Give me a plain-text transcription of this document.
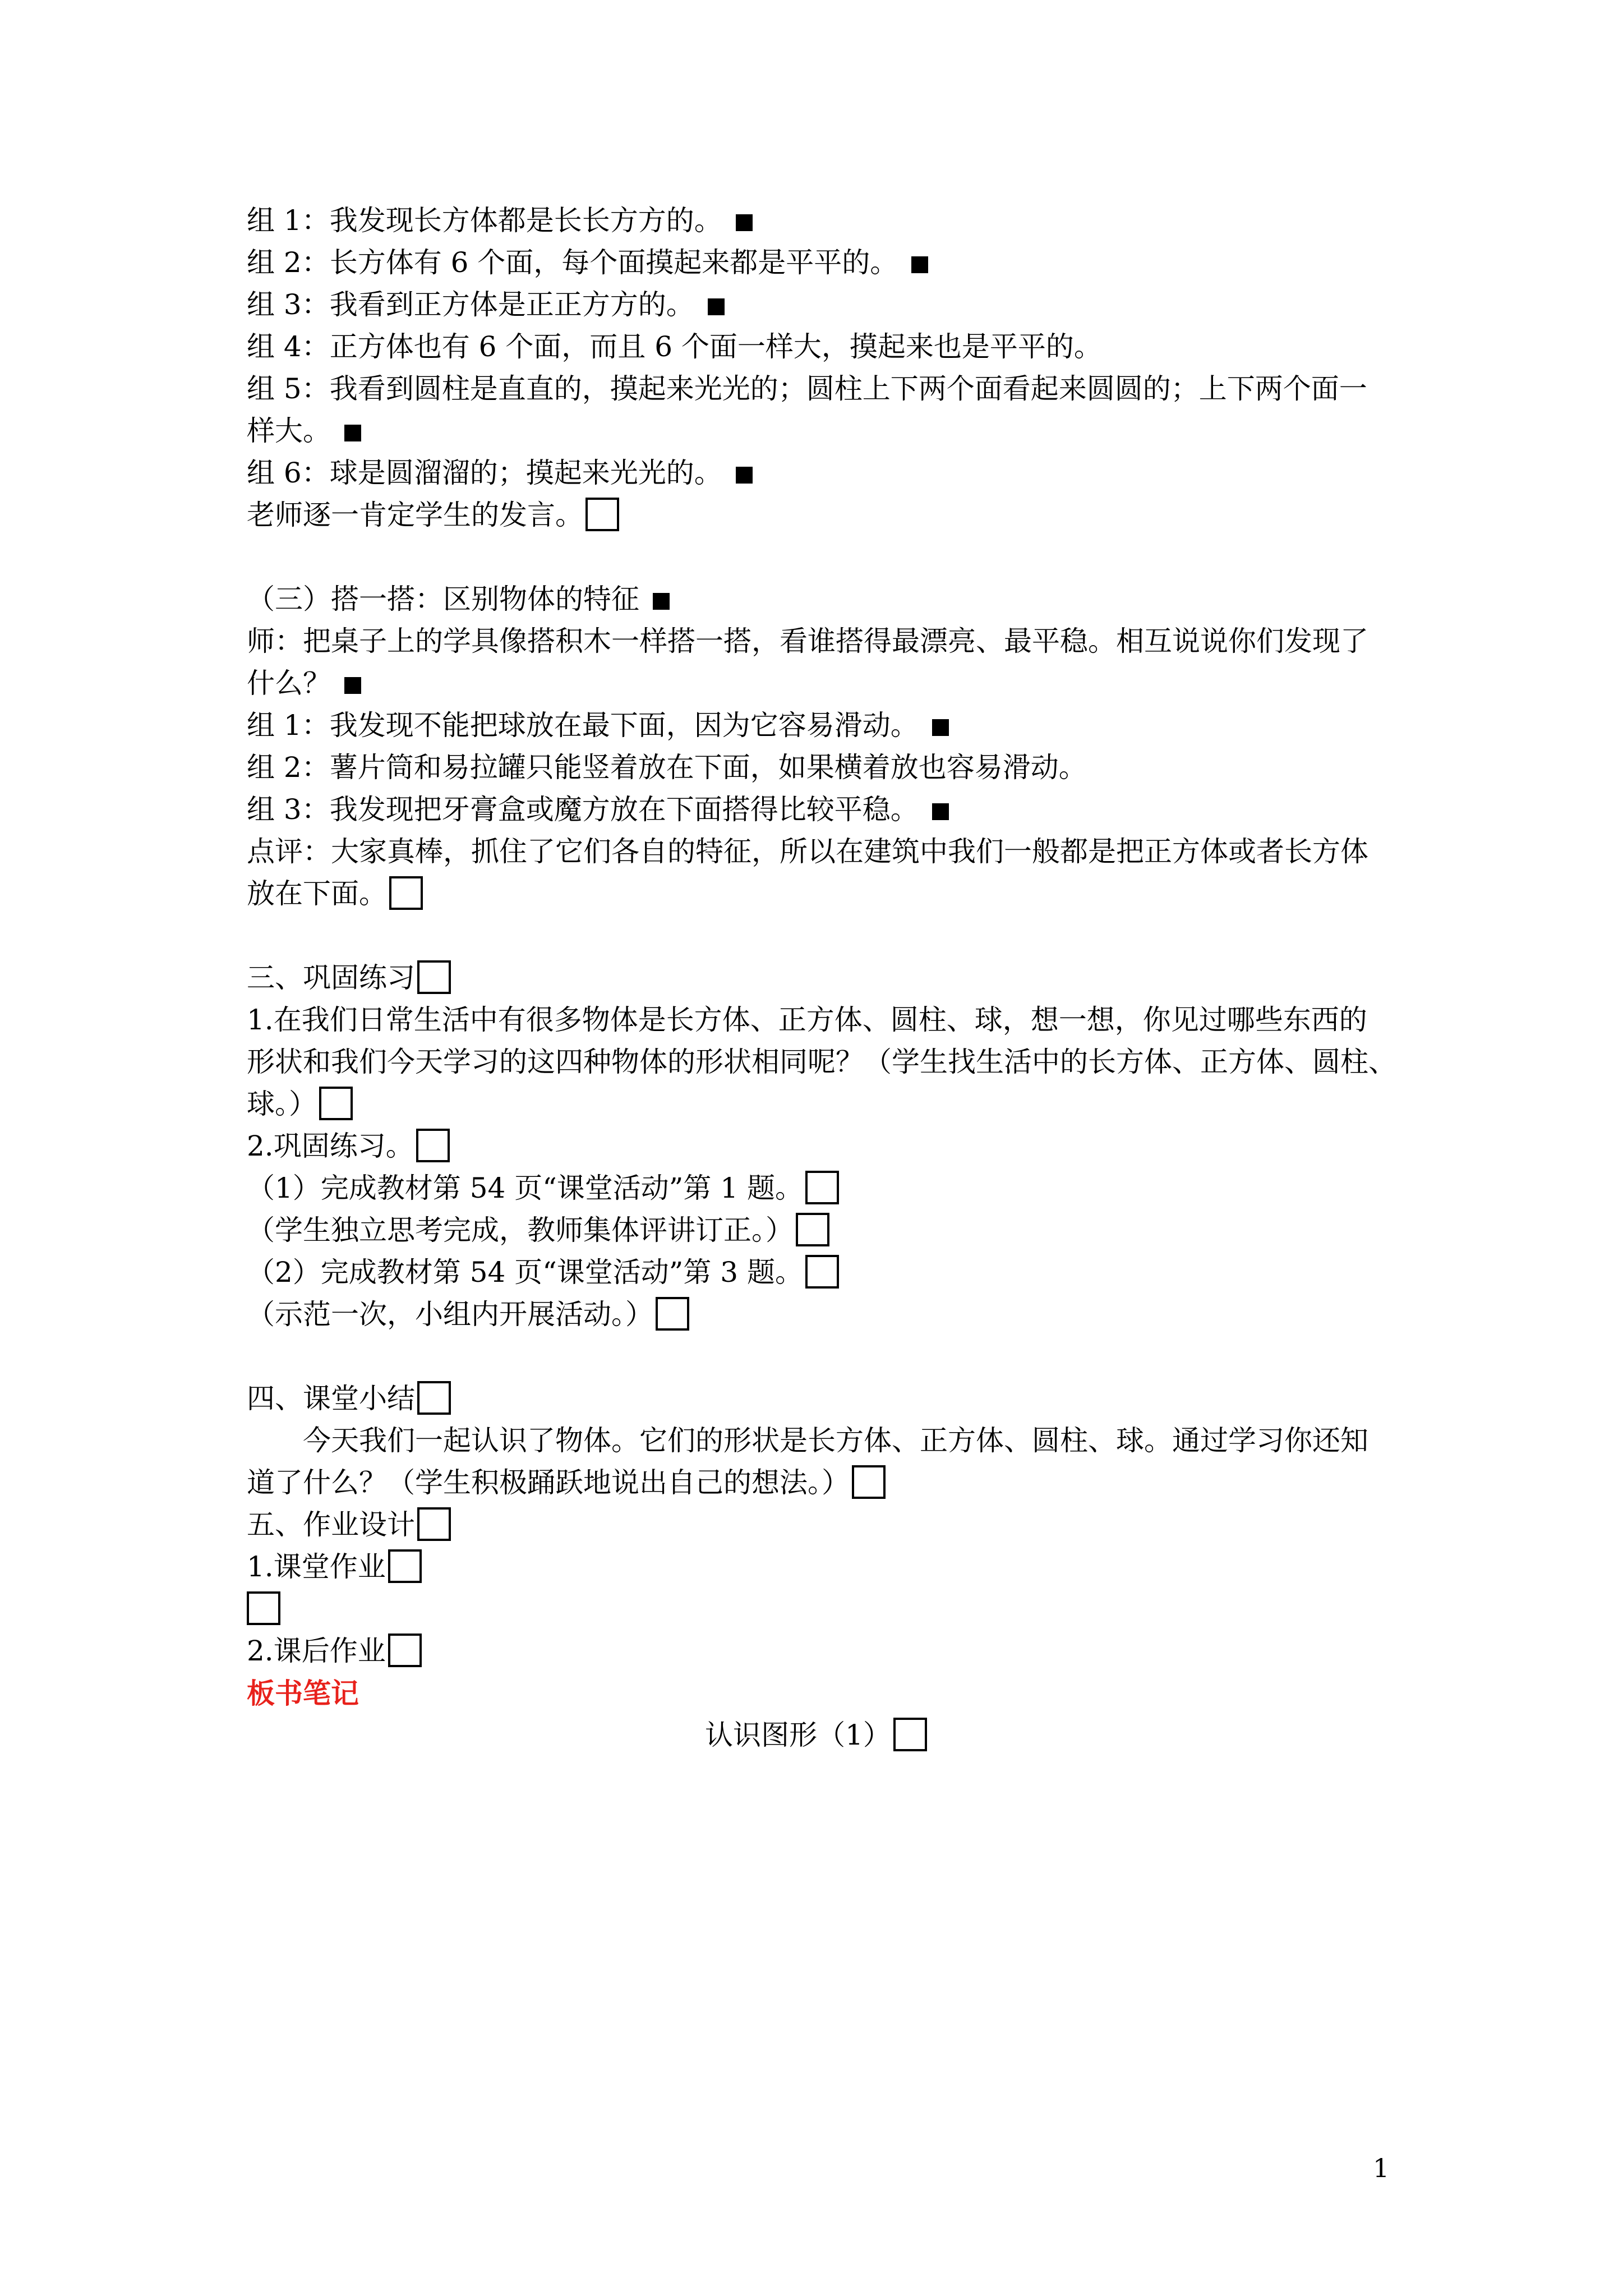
组 1：我发现长方体都是长长方方的。
组 2：长方体有 6 个面，每个面摸起来都是平平的。
组 3：我看到正方体是正正方方的。
组 4：正方体也有 6 个面，而且 6 个面一样大，摸起来也是平平的。
组 5：我看到圆柱是直直的，摸起来光光的；圆柱上下两个面看起来圆圆的；上下两个面一
样大。
组 6：球是圆溜溜的；摸起来光光的。
老师逐一肯定学生的发言。
（三）搭一搭：区别物体的特征
师：把桌子上的学具像搭积木一样搭一搭，看谁搭得最漂亮、最平稳。相互说说你们发现了
什么？
组 1：我发现不能把球放在最下面，因为它容易滑动。
组 2：薯片筒和易拉罐只能竖着放在下面，如果横着放也容易滑动。
组 3：我发现把牙膏盒或魔方放在下面搭得比较平稳。
点评：大家真棒，抓住了它们各自的特征，所以在建筑中我们一般都是把正方体或者长方体
放在下面。
三、巩固练习
1.在我们日常生活中有很多物体是长方体、正方体、圆柱、球，想一想，你见过哪些东西的
形状和我们今天学习的这四种物体的形状相同呢？（学生找生活中的长方体、正方体、圆柱、
球。）
2.巩固练习。
（1）完成教材第 54 页“课堂活动”第 1 题。
（学生独立思考完成，教师集体评讲订正。）
（2）完成教材第 54 页“课堂活动”第 3 题。
（示范一次，小组内开展活动。）
四、课堂小结
今天我们一起认识了物体。它们的形状是长方体、正方体、圆柱、球。通过学习你还知
道了什么？（学生积极踊跃地说出自己的想法。）
五、作业设计
1.课堂作业
2.课后作业
板书笔记
认识图形（1）
1
